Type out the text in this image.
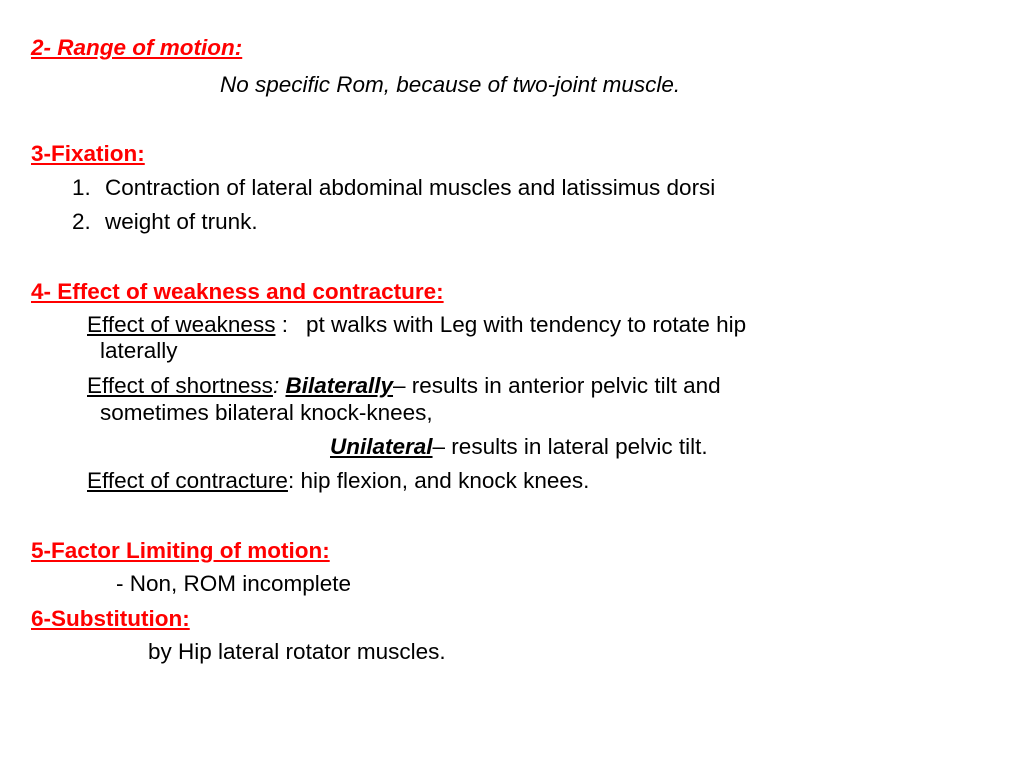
2- Range of motion:
No specific Rom, because of two-joint muscle.
3-Fixation:
1. Contraction of lateral abdominal muscles and latissimus dorsi
2. weight of trunk.
4- Effect of weakness and contracture:
Effect of weakness : pt walks with Leg with tendency to rotate hip
laterally
Effect of shortness: Bilaterally– results in anterior pelvic tilt and
sometimes bilateral knock-knees,
Unilateral– results in lateral pelvic tilt.
Effect of contracture: hip flexion, and knock knees.
5-Factor Limiting of motion:
- Non, ROM incomplete
6-Substitution:
by Hip lateral rotator muscles.
